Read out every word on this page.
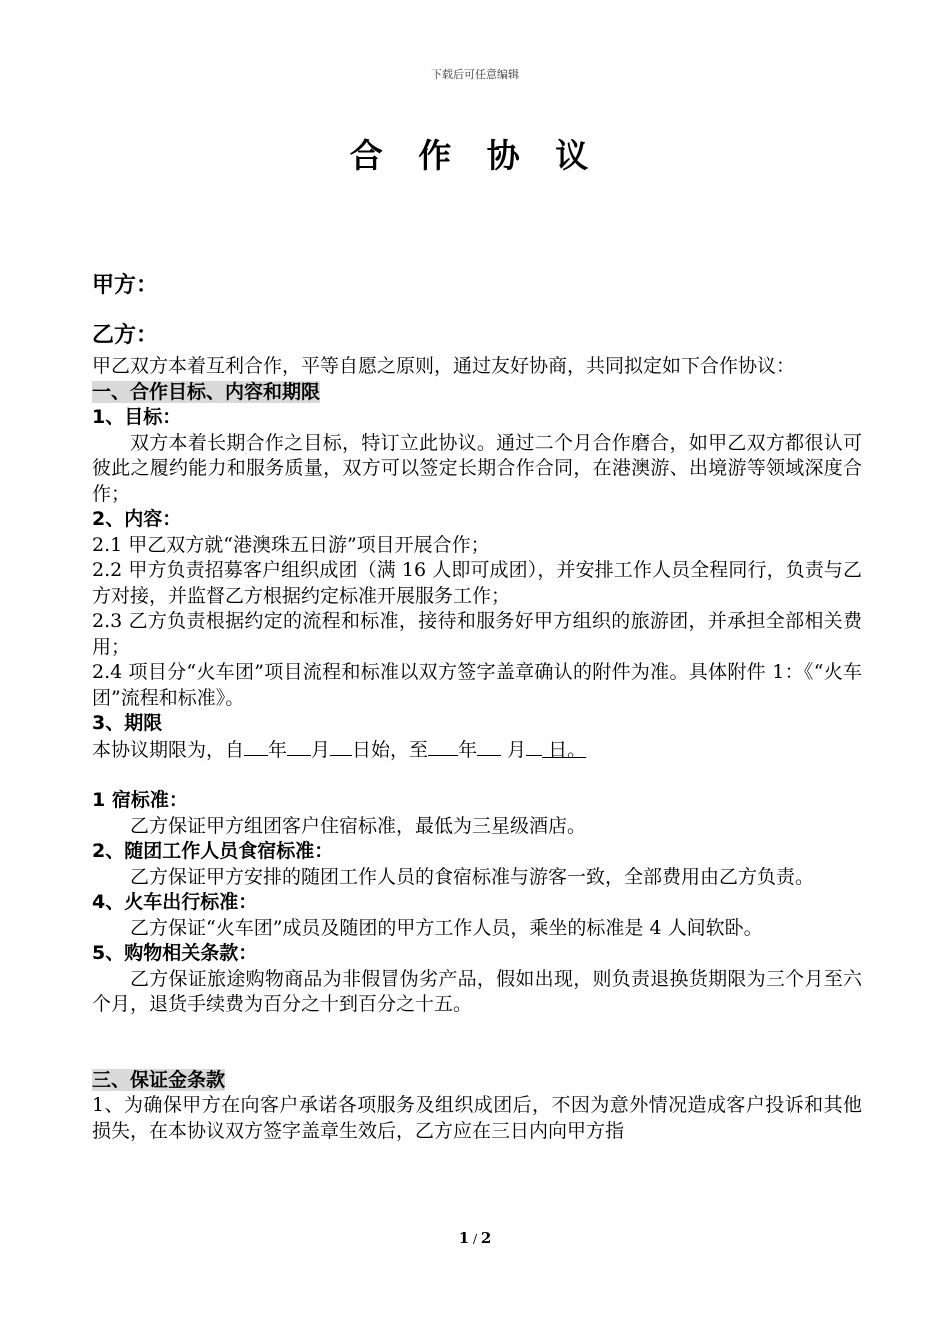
下载后可任意编辑
合 作 协 议
甲方：
乙方：

甲乙双方本着互利合作，平等自愿之原则，通过友好协商，共同拟定如下合作协议：

一、合作目标、内容和期限

1、目标：

双方本着长期合作之目标，特订立此协议。通过二个月合作磨合，如甲乙双方都很认可彼此之履约能力和服务质量，双方可以签定长期合作合同，在港澳游、出境游等领域深度合作；

2、内容：

2.1 甲乙双方就“港澳珠五日游”项目开展合作；

2.2 甲方负责招募客户组织成团（满 16 人即可成团），并安排工作人员全程同行，负责与乙方对接，并监督乙方根据约定标准开展服务工作；

2.3 乙方负责根据约定的流程和标准，接待和服务好甲方组织的旅游团，并承担全部相关费用；

2.4 项目分“火车团”项目流程和标准以双方签字盖章确认的附件为准。具体附件 1：《“火车团”流程和标准》。

3、期限

本协议期限为，自 年 月 日始，至 年 月 日。

1 宿标准：

乙方保证甲方组团客户住宿标准，最低为三星级酒店。

2、随团工作人员食宿标准：

乙方保证甲方安排的随团工作人员的食宿标准与游客一致，全部费用由乙方负责。

4、火车出行标准：

乙方保证“火车团”成员及随团的甲方工作人员，乘坐的标准是 4 人间软卧。

5、购物相关条款：

乙方保证旅途购物商品为非假冒伪劣产品，假如出现，则负责退换货期限为三个月至六个月，退货手续费为百分之十到百分之十五。

三、保证金条款

1、为确保甲方在向客户承诺各项服务及组织成团后，不因为意外情况造成客户投诉和其他损失，在本协议双方签字盖章生效后，乙方应在三日内向甲方指

1 / 2
